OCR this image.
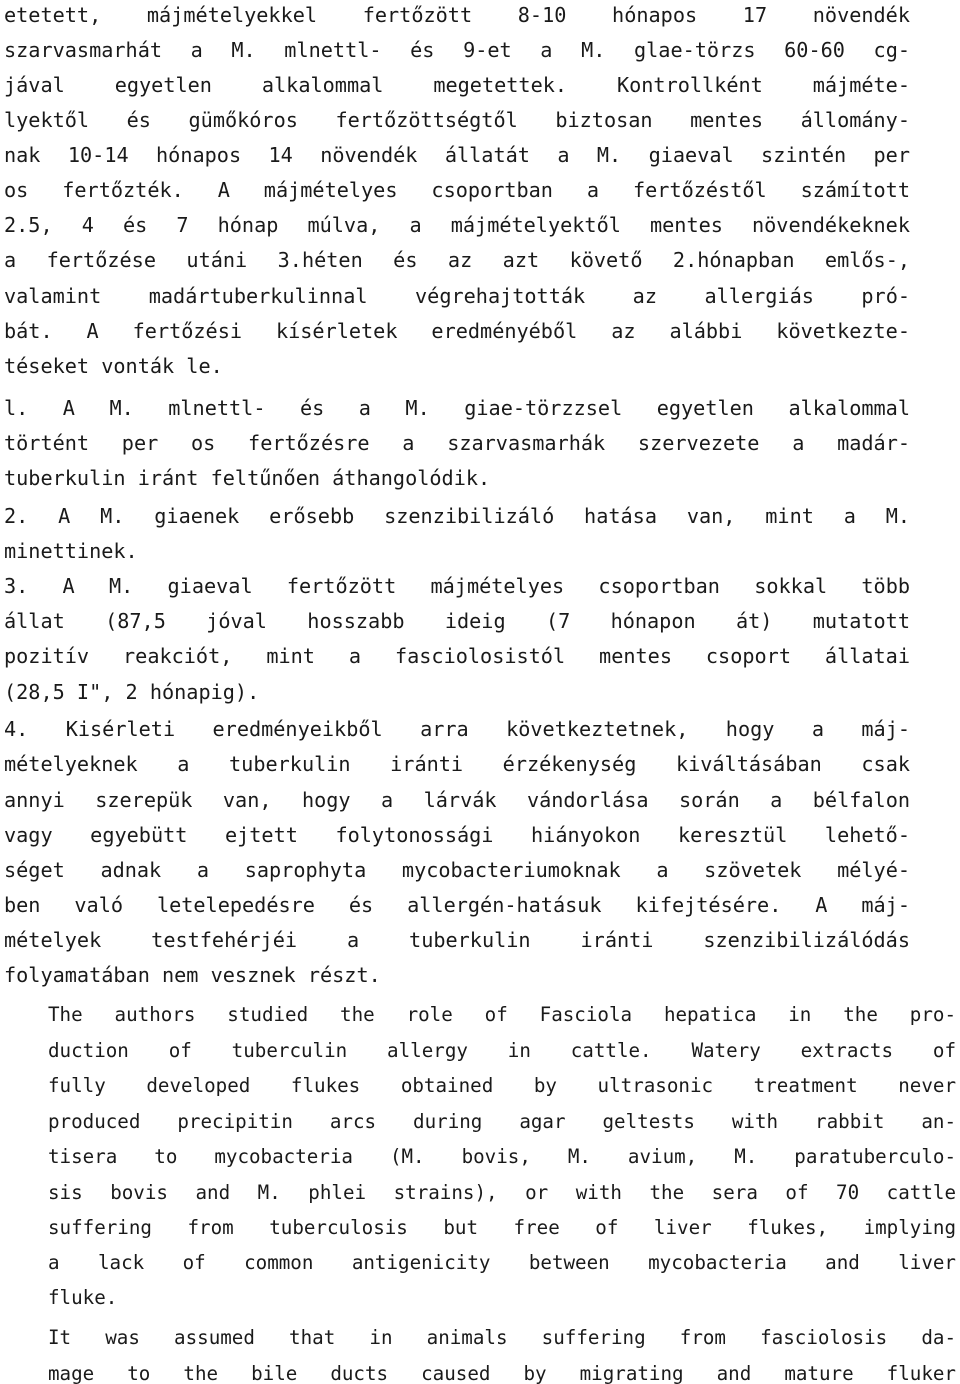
etetett, májmételyekkel fertőzött 8-10 hónapos 17 növendék
szarvasmarhát a M. mlnettl- és 9-et a M. glae-törzs 60-60 cg-
jával egyetlen alkalommal megetettek. Kontrollként májméte-
lyektől és gümőkóros fertőzöttségtől biztosan mentes állomány-
nak 10-14 hónapos 14 növendék állatát a M. giaeval szintén per
os fertőzték. A májmételyes csoportban a fertőzéstől számított
2.5, 4 és 7 hónap múlva, a májmételyektől mentes növendékeknek
a fertőzése utáni 3.héten és az azt követő 2.hónapban emlős-,
valamint madártuberkulinnal végrehajtották az allergiás pró-
bát. A fertőzési kísérletek eredményéből az alábbi következte-
téseket vonták le.
l. A M. mlnettl- és a M. giae-törzzsel egyetlen alkalommal
történt per os fertőzésre a szarvasmarhák szervezete a madár-
tuberkulin iránt feltűnően áthangolódik.
2. A M. giaenek erősebb szenzibilizáló hatása van, mint a M.
minettinek.
3. A M. giaeval fertőzött májmételyes csoportban sokkal több
állat (87,5 jóval hosszabb ideig (7 hónapon át) mutatott
pozitív reakciót, mint a fasciolosistól mentes csoport állatai
(28,5 I", 2 hónapig).
4. Kisérleti eredményeikből arra következtetnek, hogy a máj-
mételyeknek a tuberkulin iránti érzékenység kiváltásában csak
annyi szerepük van, hogy a lárvák vándorlása során a bélfalon
vagy egyebütt ejtett folytonossági hiányokon keresztül lehető-
séget adnak a saprophyta mycobacteriumoknak a szövetek mélyé-
ben való letelepedésre és allergén-hatásuk kifejtésére. A máj-
mételyek testfehérjéi a tuberkulin iránti szenzibilizálódás
folyamatában nem vesznek részt.
The authors studied the role of Fasciola hepatica in the pro-
duction of tuberculin allergy in cattle. Watery extracts of
fully developed flukes obtained by ultrasonic treatment never
produced precipitin arcs during agar geltests with rabbit an-
tisera to mycobacteria (M. bovis, M. avium, M. paratuberculo-
sis bovis and M. phlei strains), or with the sera of 70 cattle
suffering from tuberculosis but free of liver flukes, implying
a lack of common antigenicity between mycobacteria and liver
fluke.
It was assumed that in animals suffering from fasciolosis da-
mage to the bile ducts caused by migrating and mature fluker
